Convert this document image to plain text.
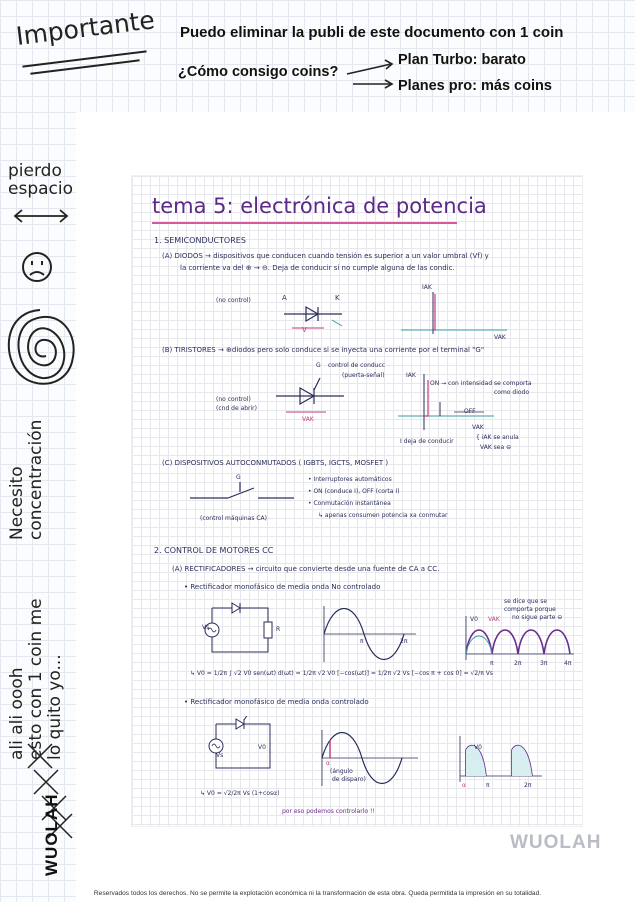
Importante Puedo eliminar la publi de este documento con 1 coin
¿Cómo consigo coins?
Plan Turbo: barato
Planes pro: más coins
pierdo
espacio
Necesito concentración
ali ali oooh esto con 1 coin me lo quito yo...
WUOLAH
tema 5: electrónica de potencia
1. SEMICONDUCTORES
(A) DIODOS → dispositivos que conducen cuando tensión es superior a un valor umbral (Vf) y
la corriente va del ⊕ → ⊖. Deja de conducir si no cumple alguna de las condic.
(no control)	A	K
V
IAK
VAK
(B) TIRISTORES → ⊕diodos pero solo conduce si se inyecta una corriente por el terminal "G"
G control de conducc
(puerta-señal)
(no control)
(cnd de abrir)
VAK
IAK
ON → con intensidad se comporta
como diodo
OFF
VAK
I deja de conducir
{ iAK se anula
VAK sea ⊖
(C) DISPOSITIVOS AUTOCONMUTADOS ( IGBTS, IGCTS, MOSFET )
G	• Interruptores automáticos
• ON (conduce I), OFF (corta I)
• Conmutación instantánea
↳ apenas consumen potencia xa conmutar
(control máquinas CA)
2. CONTROL DE MOTORES CC
(A) RECTIFICADORES → circuito que convierte desde una fuente de CA a CC.
• Rectificador monofásico de media onda No controlado
Vs	R
π	2π
se dice que se
comporta porque
no sigue parte ⊖
V0 VAK
π	2π	3π	4π
↳ V0 = 1/2π ∫ √2 V0 sen(ωt) d(ωt) = 1/2π √2 V0 [−cos(ωt)] = 1/2π √2 Vs [−cos π + cos 0] = √2/π Vs
• Rectificador monofásico de media onda controlado
Vs
V0
α
(ángulo
de disparo)
V0
α	π	2π
↳ V0 = √2/2π Vs (1+cosα)
por eso podemos controlarlo !!
WUOLAH
Reservados todos los derechos. No se permite la explotación económica ni la transformación de esta obra. Queda permitida la impresión en su totalidad.
